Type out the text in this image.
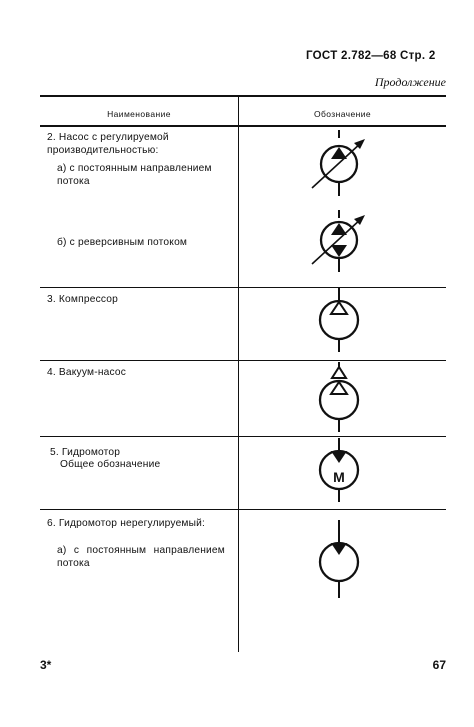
ГОСТ 2.782—68 Стр. 2
Продолжение
Наименование	Обозначение
2. Насос с регулируемой производительностью:
а) с постоянным направлением потока
б) с реверсивным потоком
3. Компрессор
4. Вакуум-насос
5. Гидромотор
Общее обозначение
6. Гидромотор нерегулируемый:
а) с постоянным направлением потока
М
3*	67
